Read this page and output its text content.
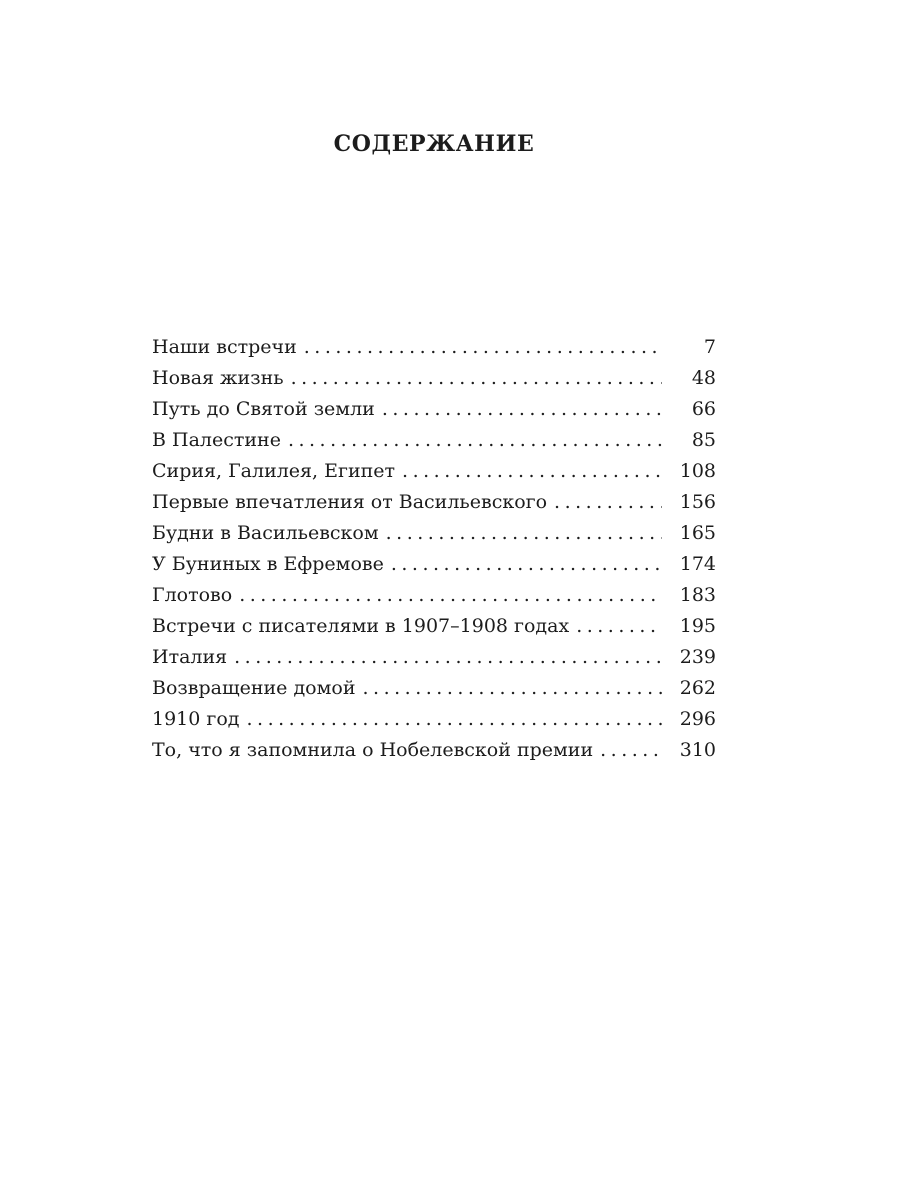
СОДЕРЖАНИЕ
Наши встречи .....	7
Новая жизнь .....	48
Путь до Святой земли .....	66
В Палестине .....	85
Сирия, Галилея, Египет .....	108
Первые впечатления от Васильевского .....	156
Будни в Васильевском .....	165
У Буниных в Ефремове .....	174
Глотово .....	183
Встречи с писателями в 1907–1908 годах .....	195
Италия .....	239
Возвращение домой .....	262
1910 год .....	296
То, что я запомнила о Нобелевской премии .....	310
